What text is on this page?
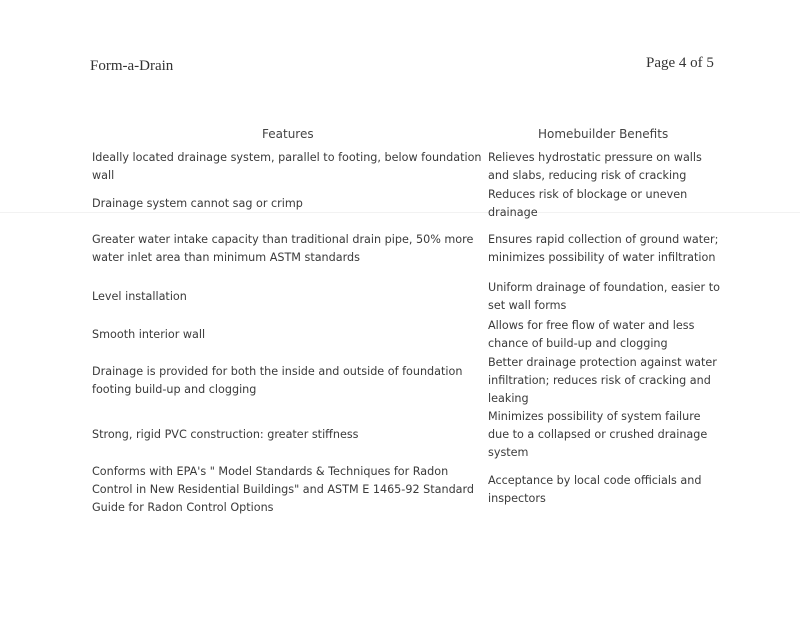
Form-a-Drain	Page 4 of 5
Features	Homebuilder Benefits
Ideally located drainage system, parallel to footing, below foundation wall
Relieves hydrostatic pressure on walls and slabs, reducing risk of cracking
Drainage system cannot sag or crimp
Reduces risk of blockage or uneven drainage
Greater water intake capacity than traditional drain pipe, 50% more water inlet area than minimum ASTM standards
Ensures rapid collection of ground water; minimizes possibility of water infiltration
Level installation
Uniform drainage of foundation, easier to set wall forms
Smooth interior wall
Allows for free flow of water and less chance of build-up and clogging
Drainage is provided for both the inside and outside of foundation footing build-up and clogging
Better drainage protection against water infiltration; reduces risk of cracking and leaking
Strong, rigid PVC construction: greater stiffness
Minimizes possibility of system failure due to a collapsed or crushed drainage system
Conforms with EPA's " Model Standards & Techniques for Radon Control in New Residential Buildings" and ASTM E 1465-92 Standard Guide for Radon Control Options
Acceptance by local code officials and inspectors
